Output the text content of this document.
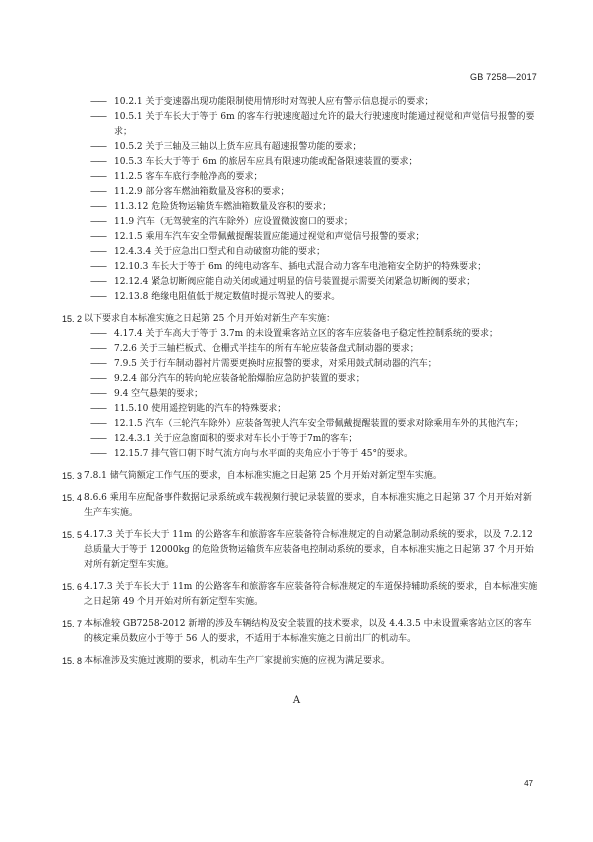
GB 7258—2017
—— 10.2.1 关于变速器出现功能限制使用情形时对驾驶人应有警示信息提示的要求；
—— 10.5.1 关于车长大于等于 6m 的客车行驶速度超过允许的最大行驶速度时能通过视觉和声觉信号报警的要求；
—— 10.5.2 关于三轴及三轴以上货车应具有超速报警功能的要求；
—— 10.5.3 车长大于等于 6m 的旅居车应具有限速功能或配备限速装置的要求；
—— 11.2.5 客车车底行李舱净高的要求；
—— 11.2.9 部分客车燃油箱数量及容积的要求；
—— 11.3.12 危险货物运输货车燃油箱数量及容积的要求；
—— 11.9 汽车（无驾驶室的汽车除外）应设置微波窗口的要求；
—— 12.1.5 乘用车汽车安全带佩戴提醒装置应能通过视觉和声觉信号报警的要求；
—— 12.4.3.4 关于应急出口型式和自动破窗功能的要求；
—— 12.10.3 车长大于等于 6m 的纯电动客车、插电式混合动力客车电池箱安全防护的特殊要求；
—— 12.12.4 紧急切断阀应能自动关闭或通过明显的信号装置提示需要关闭紧急切断阀的要求；
—— 12.13.8 绝缘电阻值低于规定数值时提示驾驶人的要求。
15. 2 以下要求自本标准实施之日起第 25 个月开始对新生产车实施：
—— 4.17.4 关于车高大于等于 3.7m 的未设置乘客站立区的客车应装备电子稳定性控制系统的要求；
—— 7.2.6 关于三轴栏板式、仓栅式半挂车的所有车轮应装备盘式制动器的要求；
—— 7.9.5 关于行车制动器衬片需要更换时应报警的要求，对采用鼓式制动器的汽车；
—— 9.2.4 部分汽车的转向轮应装备轮胎爆胎应急防护装置的要求；
—— 9.4 空气悬架的要求；
—— 11.5.10 使用遥控钥匙的汽车的特殊要求；
—— 12.1.5 汽车（三轮汽车除外）应装备驾驶人汽车安全带佩戴提醒装置的要求对除乘用车外的其他汽车；
—— 12.4.3.1 关于应急窗面积的要求对车长小于等于7m的客车；
—— 12.15.7 排气管口朝下时气流方向与水平面的夹角应小于等于 45°的要求。
15. 3 7.8.1 储气筒额定工作气压的要求，自本标准实施之日起第 25 个月开始对新定型车实施。
15. 4 8.6.6 乘用车应配备事件数据记录系统或车载视频行驶记录装置的要求，自本标准实施之日起第 37 个月开始对新生产车实施。
15. 5 4.17.3 关于车长大于 11m 的公路客车和旅游客车应装备符合标准规定的自动紧急制动系统的要求，以及 7.2.12 总质量大于等于 12000kg 的危险货物运输货车应装备电控制动系统的要求，自本标准实施之日起第 37 个月开始对所有新定型车实施。
15. 6 4.17.3 关于车长大于 11m 的公路客车和旅游客车应装备符合标准规定的车道保持辅助系统的要求，自本标准实施之日起第 49 个月开始对所有新定型车实施。
15. 7 本标准较 GB7258-2012 新增的涉及车辆结构及安全装置的技术要求，以及 4.4.3.5 中未设置乘客站立区的客车的核定乘员数应小于等于 56 人的要求，不适用于本标准实施之日前出厂的机动车。
15. 8 本标准涉及实施过渡期的要求，机动车生产厂家提前实施的应视为满足要求。
A
47
